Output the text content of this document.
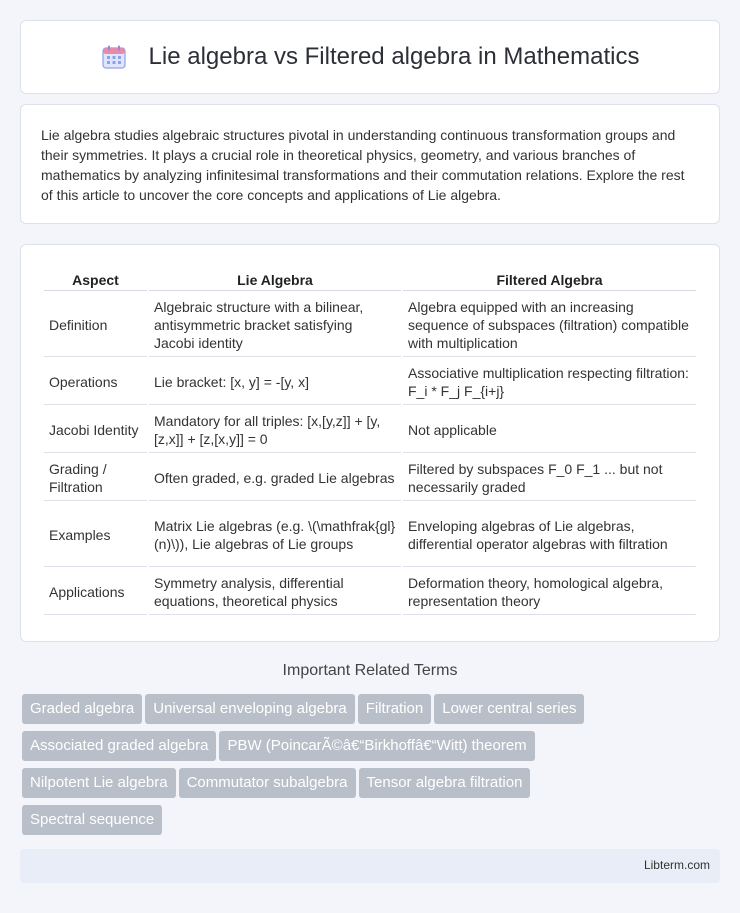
Lie algebra vs Filtered algebra in Mathematics

Lie algebra studies algebraic structures pivotal in understanding continuous transformation groups and their symmetries. It plays a crucial role in theoretical physics, geometry, and various branches of mathematics by analyzing infinitesimal transformations and their commutation relations. Explore the rest of this article to uncover the core concepts and applications of Lie algebra.

Aspect	Lie Algebra	Filtered Algebra
Definition	Algebraic structure with a bilinear, antisymmetric bracket satisfying Jacobi identity	Algebra equipped with an increasing sequence of subspaces (filtration) compatible with multiplication
Operations	Lie bracket: [x, y] = -[y, x]	Associative multiplication respecting filtration: F_i * F_j F_{i+j}
Jacobi Identity	Mandatory for all triples: [x,[y,z]] + [y,[z,x]] + [z,[x,y]] = 0	Not applicable
Grading / Filtration	Often graded, e.g. graded Lie algebras	Filtered by subspaces F_0 F_1 ... but not necessarily graded
Examples	Matrix Lie algebras (e.g. \(\mathfrak{gl}(n)\)), Lie algebras of Lie groups	Enveloping algebras of Lie algebras, differential operator algebras with filtration
Applications	Symmetry analysis, differential equations, theoretical physics	Deformation theory, homological algebra, representation theory
Important Related Terms
Graded algebra Universal enveloping algebra Filtration Lower central series
Associated graded algebra PBW (PoincarÃ©â€“Birkhoffâ€“Witt) theorem
Nilpotent Lie algebra Commutator subalgebra Tensor algebra filtration
Spectral sequence
Libterm.com
